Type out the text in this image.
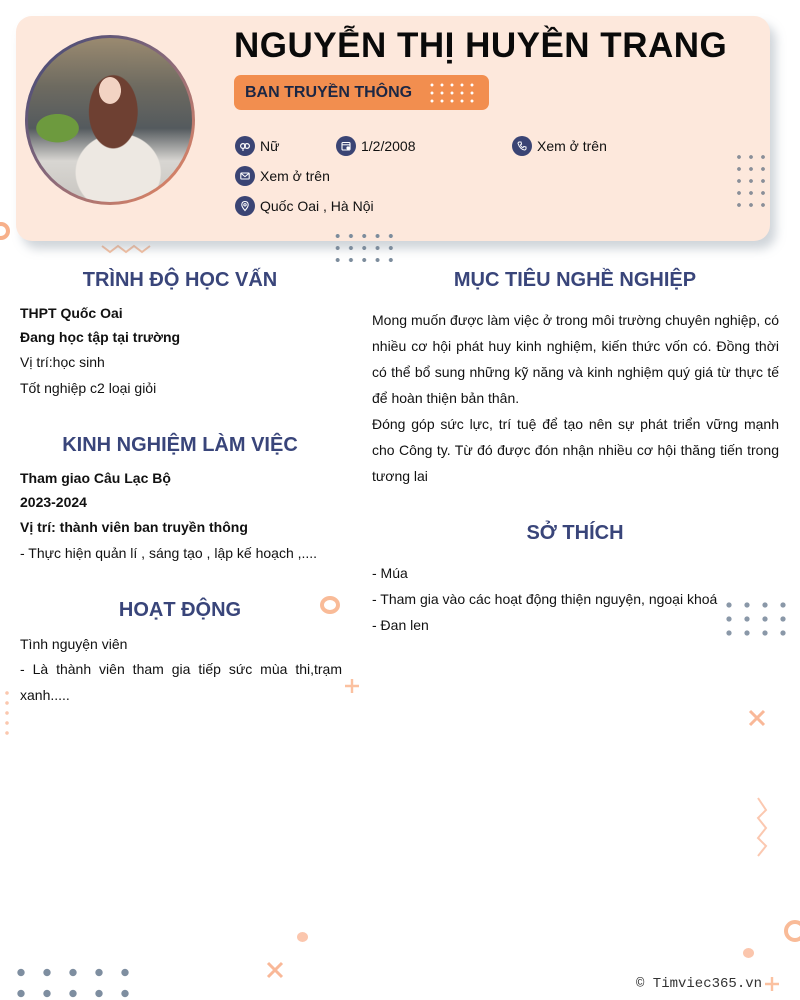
NGUYỄN THỊ HUYỀN TRANG
BAN TRUYỀN THÔNG
Nữ	1/2/2008	Xem ở trên
Xem ở trên
Quốc Oai , Hà Nội
TRÌNH ĐỘ HỌC VẤN
THPT Quốc Oai
Đang học tập tại trường
Vị trí:học sinh
Tốt nghiệp c2 loại giỏi
KINH NGHIỆM LÀM VIỆC
Tham giao Câu Lạc Bộ
2023-2024
Vị trí: thành viên ban truyền thông
- Thực hiện quản lí , sáng tạo , lập kế hoạch ,....
HOẠT ĐỘNG
Tình nguyện viên
- Là thành viên tham gia tiếp sức mùa thi,trạm xanh.....
MỤC TIÊU NGHỀ NGHIỆP
Mong muốn được làm việc ở trong môi trường chuyên nghiệp, có nhiều cơ hội phát huy kinh nghiệm, kiến thức vốn có. Đồng thời có thể bổ sung những kỹ năng và kinh nghiệm quý giá từ thực tế để hoàn thiện bản thân.
Đóng góp sức lực, trí tuệ để tạo nên sự phát triển vững mạnh cho Công ty. Từ đó được đón nhận nhiều cơ hội thăng tiến trong tương lai
SỞ THÍCH
- Múa
- Tham gia vào các hoạt động thiện nguyện, ngoại khoá
- Đan len
© Timviec365.vn
